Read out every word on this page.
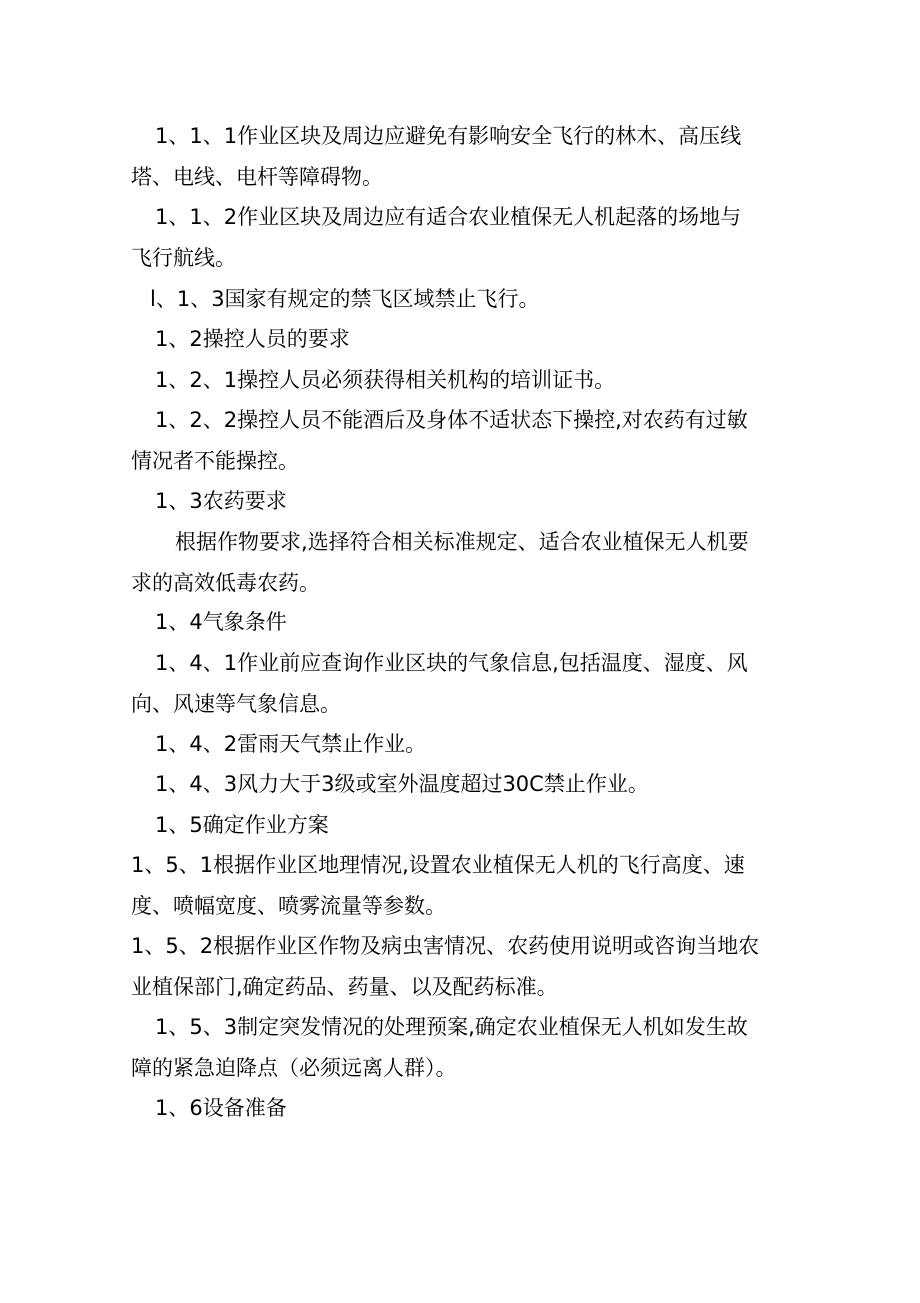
1、1、1作业区块及周边应避免有影响安全飞行的林木、高压线
塔、电线、电杆等障碍物。
1、1、2作业区块及周边应有适合农业植保无人机起落的场地与
飞行航线。
l、1、3国家有规定的禁飞区域禁止飞行。
1、2操控人员的要求
1、2、1操控人员必须获得相关机构的培训证书。
1、2、2操控人员不能酒后及身体不适状态下操控,对农药有过敏
情况者不能操控。
1、3农药要求
根据作物要求,选择符合相关标准规定、适合农业植保无人机要
求的高效低毒农药。
1、4气象条件
1、4、1作业前应查询作业区块的气象信息,包括温度、湿度、风
向、风速等气象信息。
1、4、2雷雨天气禁止作业。
1、4、3风力大于3级或室外温度超过30C禁止作业。
1、5确定作业方案
1、5、1根据作业区地理情况,设置农业植保无人机的飞行高度、速
度、喷幅宽度、喷雾流量等参数。
1、5、2根据作业区作物及病虫害情况、农药使用说明或咨询当地农
业植保部门,确定药品、药量、以及配药标准。
1、5、3制定突发情况的处理预案,确定农业植保无人机如发生故
障的紧急迫降点（必须远离人群）。
1、6设备准备
